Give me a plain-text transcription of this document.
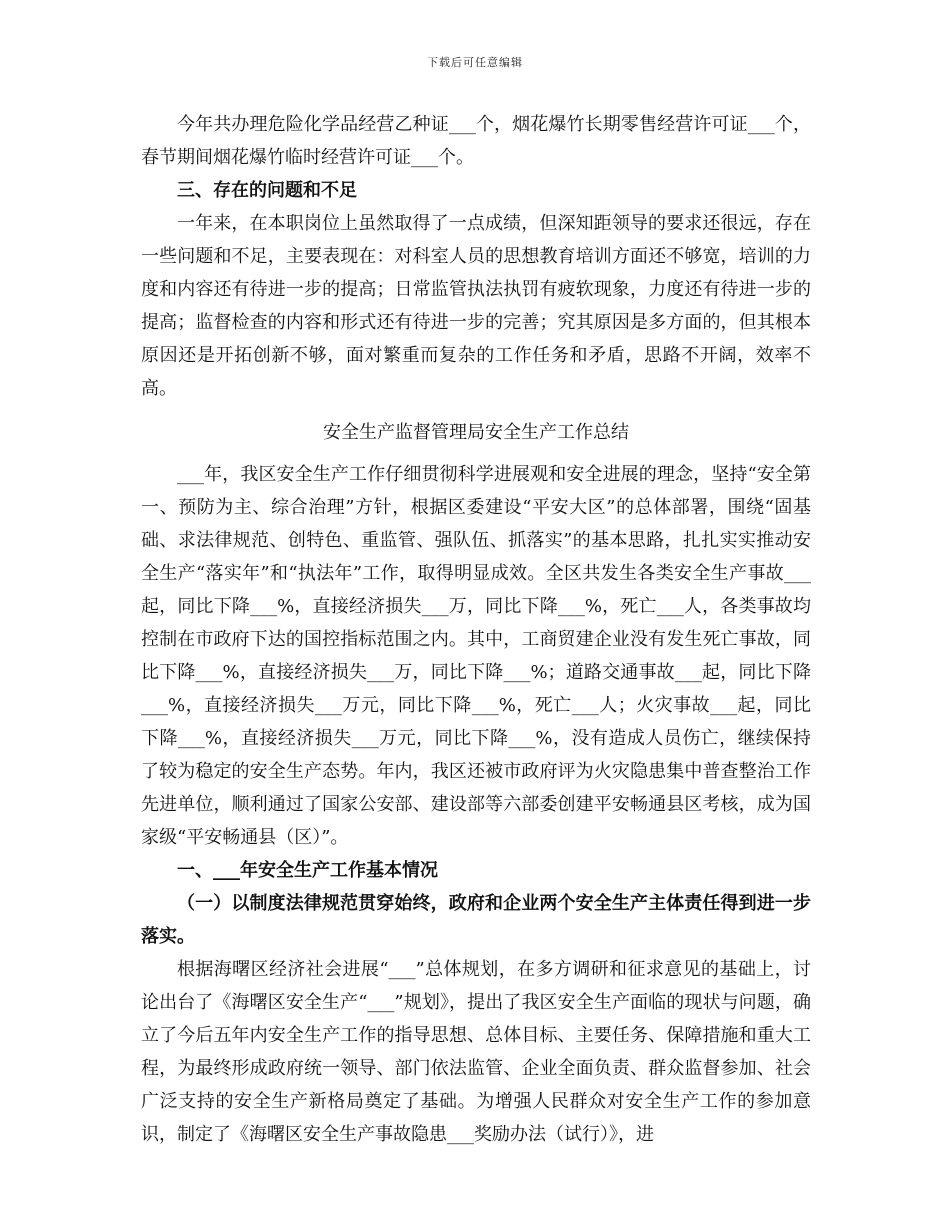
下载后可任意编辑

今年共办理危险化学品经营乙种证___个，烟花爆竹长期零售经营许可证___个，春节期间烟花爆竹临时经营许可证___个。

三、存在的问题和不足

一年来，在本职岗位上虽然取得了一点成绩，但深知距领导的要求还很远，存在一些问题和不足，主要表现在：对科室人员的思想教育培训方面还不够宽，培训的力度和内容还有待进一步的提高；日常监管执法执罚有疲软现象，力度还有待进一步的提高；监督检查的内容和形式还有待进一步的完善；究其原因是多方面的，但其根本原因还是开拓创新不够，面对繁重而复杂的工作任务和矛盾，思路不开阔，效率不高。

安全生产监督管理局安全生产工作总结

___年，我区安全生产工作仔细贯彻科学进展观和安全进展的理念，坚持“安全第一、预防为主、综合治理”方针，根据区委建设“平安大区”的总体部署，围绕“固基础、求法律规范、创特色、重监管、强队伍、抓落实”的基本思路，扎扎实实推动安全生产“落实年”和“执法年”工作，取得明显成效。全区共发生各类安全生产事故___起，同比下降___%，直接经济损失___万，同比下降___%，死亡___人，各类事故均控制在市政府下达的国控指标范围之内。其中，工商贸建企业没有发生死亡事故，同比下降___%，直接经济损失___万，同比下降___%；道路交通事故___起，同比下降___%，直接经济损失___万元，同比下降___%，死亡___人；火灾事故___起，同比下降___%，直接经济损失___万元，同比下降___%，没有造成人员伤亡，继续保持了较为稳定的安全生产态势。年内，我区还被市政府评为火灾隐患集中普查整治工作先进单位，顺利通过了国家公安部、建设部等六部委创建平安畅通县区考核，成为国家级“平安畅通县（区）”。

一、___年安全生产工作基本情况

（一）以制度法律规范贯穿始终，政府和企业两个安全生产主体责任得到进一步落实。

根据海曙区经济社会进展“___”总体规划，在多方调研和征求意见的基础上，讨论出台了《海曙区安全生产“___”规划》，提出了我区安全生产面临的现状与问题，确立了今后五年内安全生产工作的指导思想、总体目标、主要任务、保障措施和重大工程，为最终形成政府统一领导、部门依法监管、企业全面负责、群众监督参加、社会广泛支持的安全生产新格局奠定了基础。为增强人民群众对安全生产工作的参加意识，制定了《海曙区安全生产事故隐患___奖励办法（试行）》，进
